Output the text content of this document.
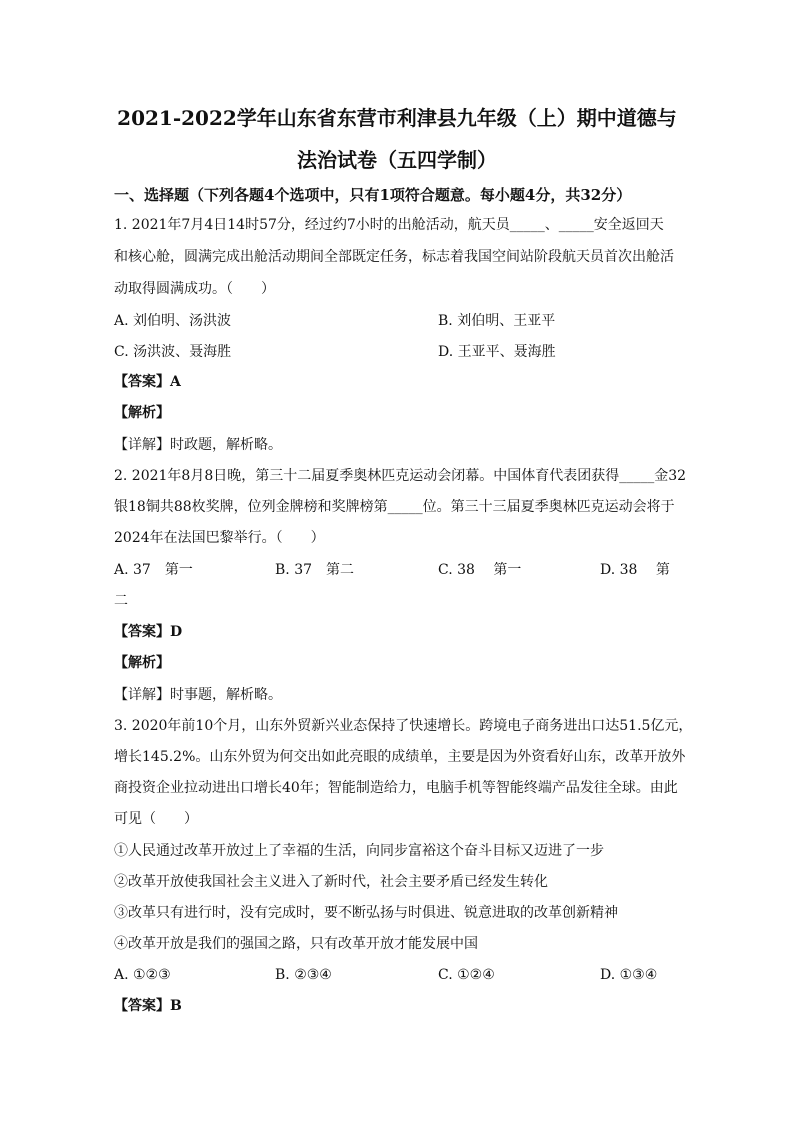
2021-2022学年山东省东营市利津县九年级（上）期中道德与
法治试卷（五四学制）
一、选择题（下列各题4个选项中，只有1项符合题意。每小题4分，共32分）
1. 2021年7月4日14时57分，经过约7小时的出舱活动，航天员_____、_____安全返回天
和核心舱，圆满完成出舱活动期间全部既定任务，标志着我国空间站阶段航天员首次出舱活
动取得圆满成功。（　　）
A. 刘伯明、汤洪波	B. 刘伯明、王亚平
C. 汤洪波、聂海胜	D. 王亚平、聂海胜
【答案】A
【解析】
【详解】时政题，解析略。
2. 2021年8月8日晚，第三十二届夏季奥林匹克运动会闭幕。中国体育代表团获得_____金32
银18铜共88枚奖牌，位列金牌榜和奖牌榜第_____位。第三十三届夏季奥林匹克运动会将于
2024年在法国巴黎举行。（　　）
A. 37　第一	B. 37　第二	C. 38　 第一	D. 38　 第
二
【答案】D
【解析】
【详解】时事题，解析略。
3. 2020年前10个月，山东外贸新兴业态保持了快速增长。跨境电子商务进出口达51.5亿元，
增长145.2%。山东外贸为何交出如此亮眼的成绩单，主要是因为外资看好山东，改革开放外
商投资企业拉动进出口增长40年；智能制造给力，电脑手机等智能终端产品发往全球。由此
可见（　　）
①人民通过改革开放过上了幸福的生活，向同步富裕这个奋斗目标又迈进了一步
②改革开放使我国社会主义进入了新时代，社会主要矛盾已经发生转化
③改革只有进行时，没有完成时，要不断弘扬与时俱进、锐意进取的改革创新精神
④改革开放是我们的强国之路，只有改革开放才能发展中国
A. ①②③	B. ②③④	C. ①②④	D. ①③④
【答案】B
